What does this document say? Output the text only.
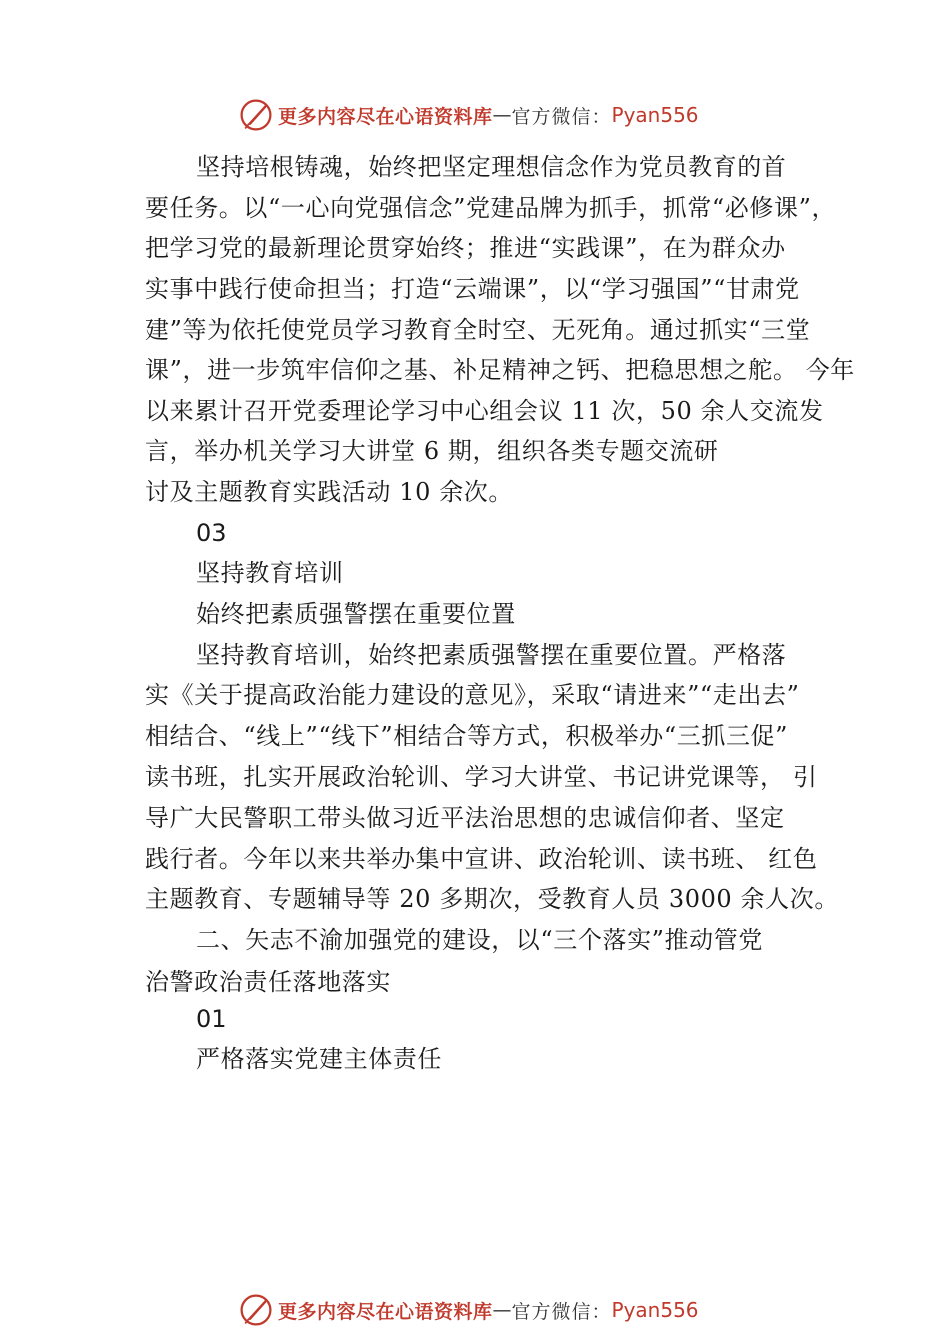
更多内容尽在心语资料库 — 官方微信： Pyan556
坚持培根铸魂，始终把坚定理想信念作为党员教育的首
要任务。以“一心向党强信念”党建品牌为抓手，抓常“必修课”，
把学习党的最新理论贯穿始终；推进“实践课”，在为群众办
实事中践行使命担当；打造“云端课”，以“学习强国”“甘肃党
建”等为依托使党员学习教育全时空、无死角。通过抓实“三堂
课”，进一步筑牢信仰之基、补足精神之钙、把稳思想之舵。 今年
以来累计召开党委理论学习中心组会议 11 次，50 余人交流发
言，举办机关学习大讲堂 6 期，组织各类专题交流研
讨及主题教育实践活动 10 余次。
03
坚持教育培训
始终把素质强警摆在重要位置
坚持教育培训，始终把素质强警摆在重要位置。严格落
实《关于提高政治能力建设的意见》，采取“请进来”“走出去”
相结合、“线上”“线下”相结合等方式，积极举办“三抓三促”
读书班，扎实开展政治轮训、学习大讲堂、书记讲党课等， 引
导广大民警职工带头做习近平法治思想的忠诚信仰者、坚定
践行者。今年以来共举办集中宣讲、政治轮训、读书班、 红色
主题教育、专题辅导等 20 多期次，受教育人员 3000 余人次。
二、矢志不渝加强党的建设，以“三个落实”推动管党
治警政治责任落地落实
01
严格落实党建主体责任
更多内容尽在心语资料库 — 官方微信： Pyan556
